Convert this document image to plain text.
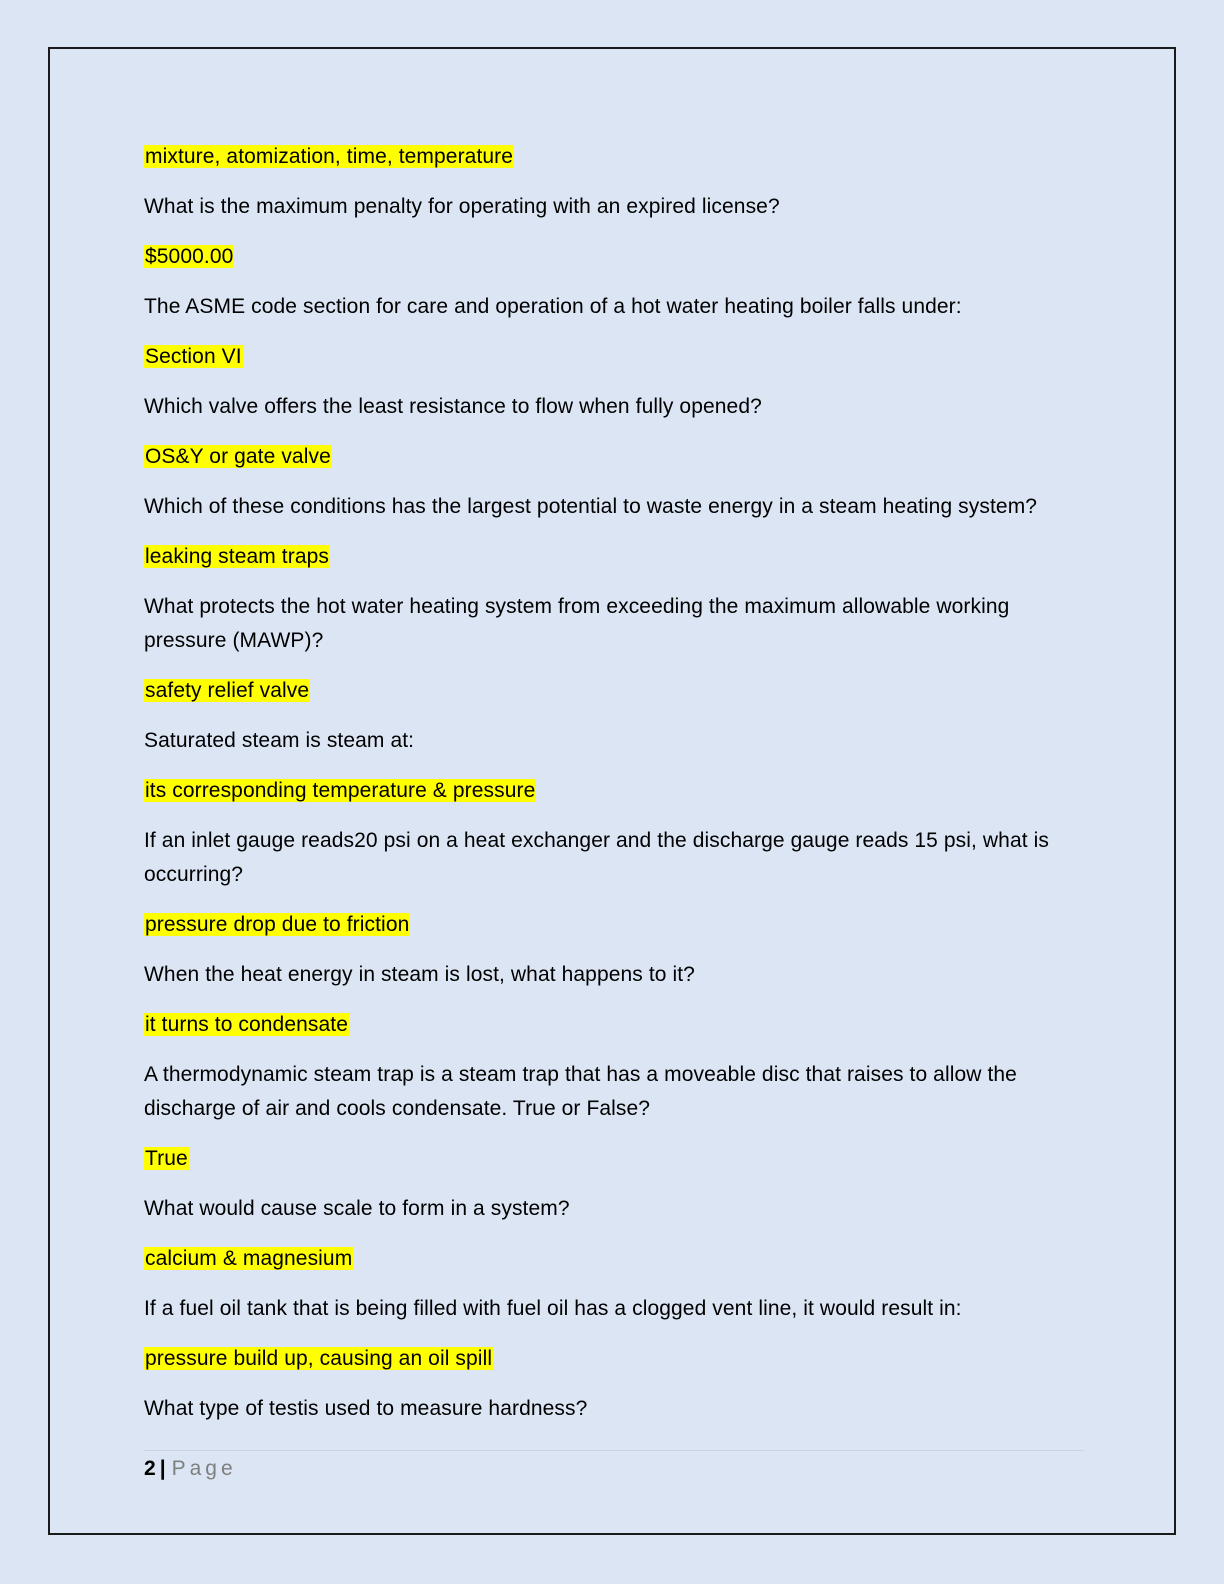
mixture, atomization, time, temperature
What is the maximum penalty for operating with an expired license?
$5000.00
The ASME code section for care and operation of a hot water heating boiler falls under:
Section VI
Which valve offers the least resistance to flow when fully opened?
OS&Y or gate valve
Which of these conditions has the largest potential to waste energy in a steam heating system?
leaking steam traps
What protects the hot water heating system from exceeding the maximum allowable working pressure (MAWP)?
safety relief valve
Saturated steam is steam at:
its corresponding temperature & pressure
If an inlet gauge reads20 psi on a heat exchanger and the discharge gauge reads 15 psi, what is occurring?
pressure drop due to friction
When the heat energy in steam is lost, what happens to it?
it turns to condensate
A thermodynamic steam trap is a steam trap that has a moveable disc that raises to allow the discharge of air and cools condensate. True or False?
True
What would cause scale to form in a system?
calcium & magnesium
If a fuel oil tank that is being filled with fuel oil has a clogged vent line, it would result in:
pressure build up, causing an oil spill
What type of testis used to measure hardness?
2 | Page
